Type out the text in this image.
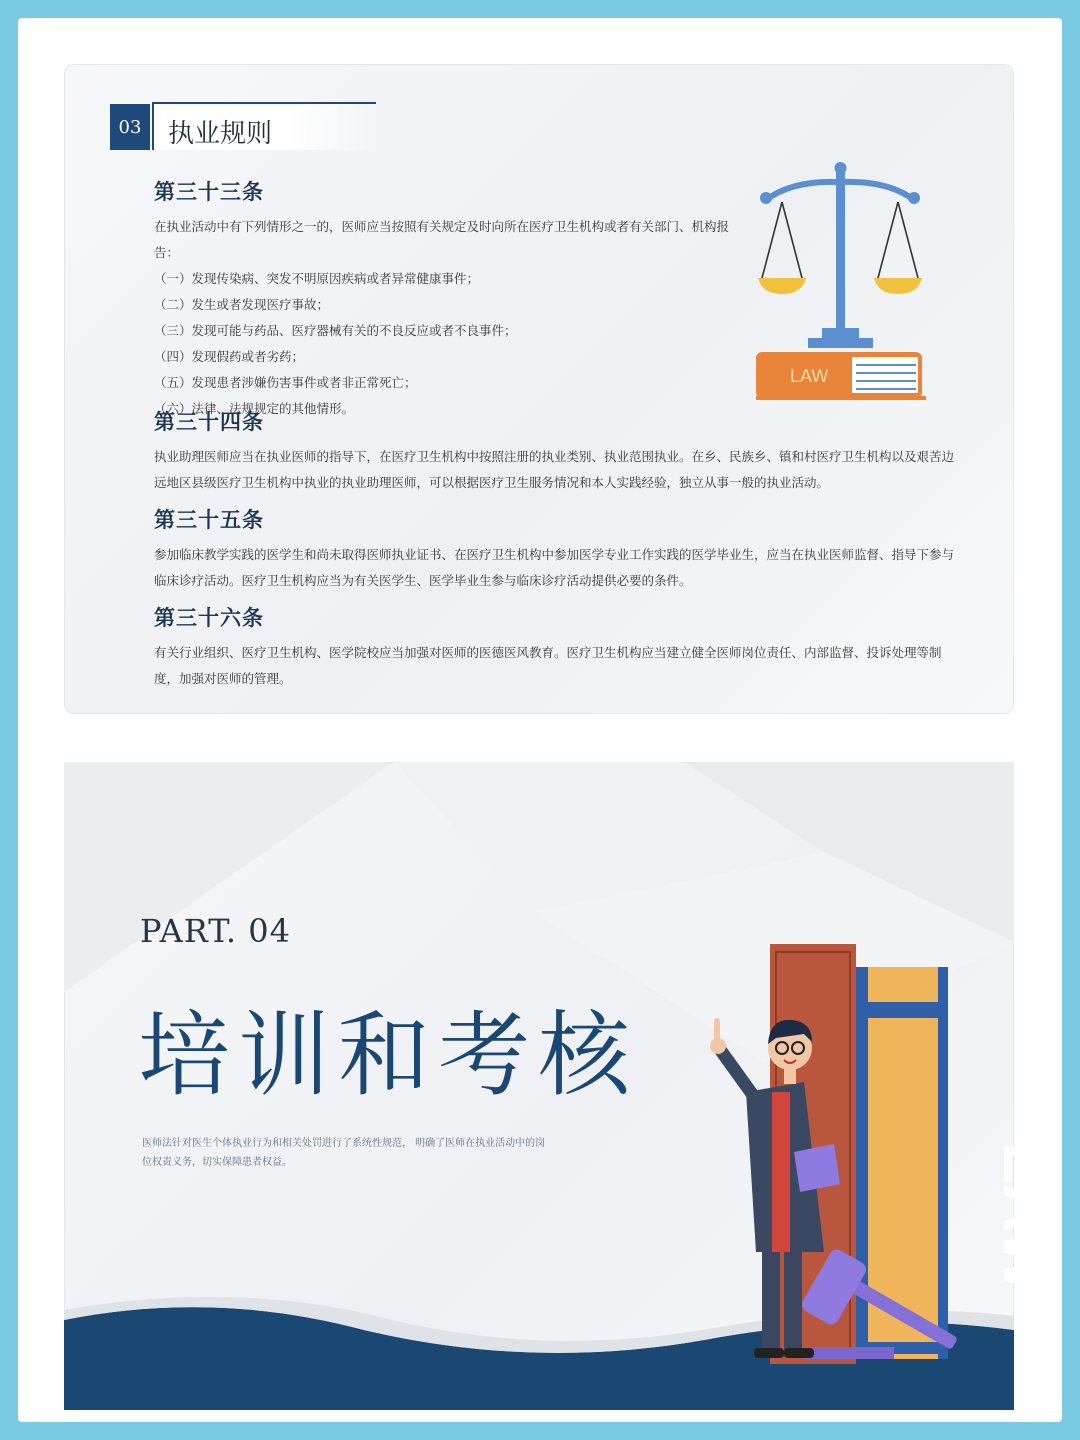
03	执业规则
第三十三条

在执业活动中有下列情形之一的，医师应当按照有关规定及时向所在医疗卫生机构或者有关部门、机构报告：

（一）发现传染病、突发不明原因疾病或者异常健康事件；

（二）发生或者发现医疗事故；

（三）发现可能与药品、医疗器械有关的不良反应或者不良事件；

（四）发现假药或者劣药；

（五）发现患者涉嫌伤害事件或者非正常死亡；

（六）法律、法规规定的其他情形。

第三十四条

执业助理医师应当在执业医师的指导下，在医疗卫生机构中按照注册的执业类别、执业范围执业。在乡、民族乡、镇和村医疗卫生机构以及艰苦边远地区县级医疗卫生机构中执业的执业助理医师，可以根据医疗卫生服务情况和本人实践经验，独立从事一般的执业活动。

第三十五条

参加临床教学实践的医学生和尚未取得医师执业证书、在医疗卫生机构中参加医学专业工作实践的医学毕业生，应当在执业医师监督、指导下参与临床诊疗活动。医疗卫生机构应当为有关医学生、医学毕业生参与临床诊疗活动提供必要的条件。

第三十六条

有关行业组织、医疗卫生机构、医学院校应当加强对医师的医德医风教育。医疗卫生机构应当建立健全医师岗位责任、内部监督、投诉处理等制度，加强对医师的管理。

LAW
PART. 04
培训和考核
医师法针对医生个体执业行为和相关处罚进行了系统性规范， 明确了医师在执业活动中的岗位权责义务，切实保障患者权益。	LAW
